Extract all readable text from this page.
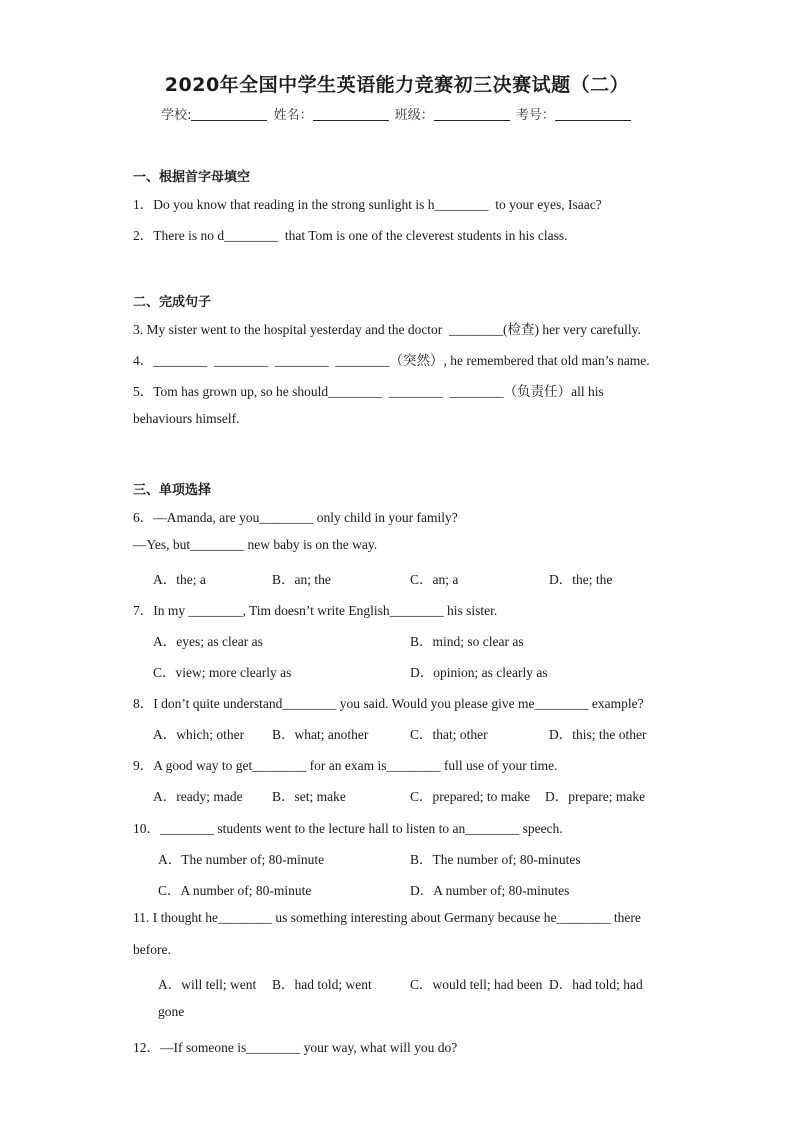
2020年全国中学生英语能力竞赛初三决赛试题（二）
学校:	姓名：	班级：	考号：
一、根据首字母填空
1．Do you know that reading in the strong sunlight is h________  to your eyes, Isaac?
2．There is no d________  that Tom is one of the cleverest students in his class.
二、完成句子
3. My sister went to the hospital yesterday and the doctor  ________(检查) her very carefully.
4．________  ________  ________  ________（突然）, he remembered that old man’s name.
5．Tom has grown up, so he should________  ________  ________（负责任）all his
behaviours himself.
三、单项选择
6．—Amanda, are you________ only child in your family?
—Yes, but________ new baby is on the way.
A．the; a	B．an; the	C．an; a	D．the; the
7．In my ________, Tim doesn’t write English________ his sister.
A．eyes; as clear as	B．mind; so clear as
C．view; more clearly as	D．opinion; as clearly as
8．I don’t quite understand________ you said. Would you please give me________ example?
A．which; other B．what; another	C．that; other	D．this; the other
9．A good way to get________ for an exam is________ full use of your time.
A．ready; made B．set; make	C．prepared; to make D．prepare; make
10．________ students went to the lecture hall to listen to an________ speech.
A．The number of; 80-minute	B．The number of; 80-minutes
C．A number of; 80-minute	D．A number of; 80-minutes
11. I thought he________ us something interesting about Germany because he________ there
before.
A．will tell; went B．had told; went	C．would tell; had been D．had told; had
gone
12．—If someone is________ your way, what will you do?
